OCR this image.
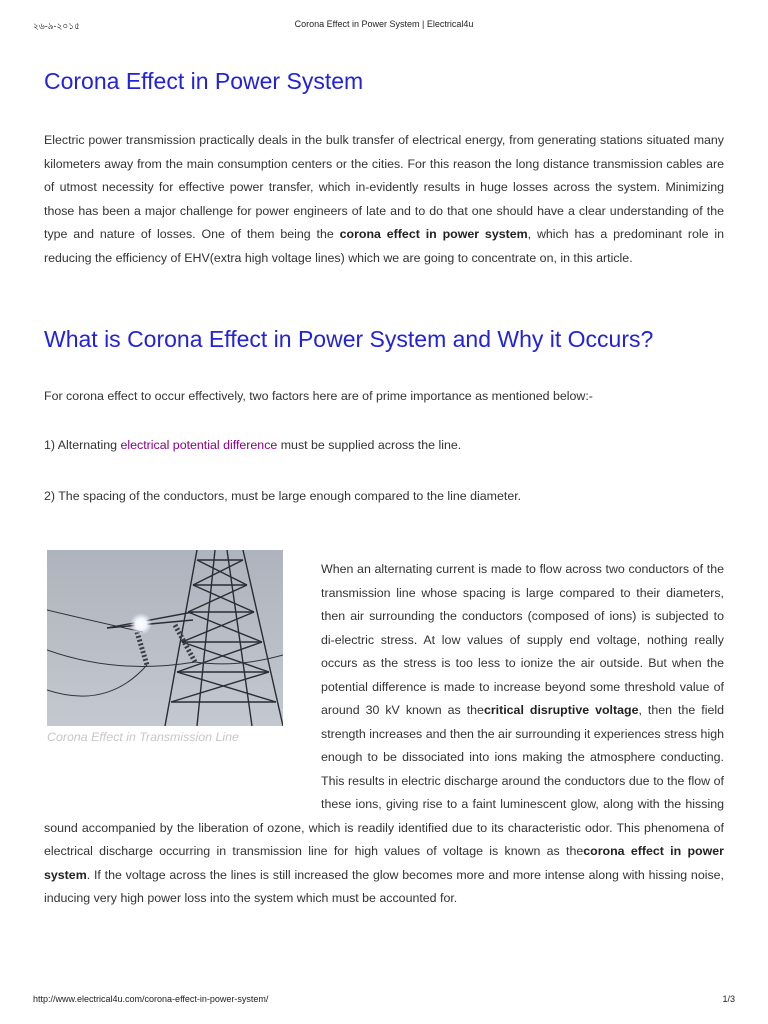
২৬-৯-২০১৫	Corona Effect in Power System | Electrical4u
Corona Effect in Power System

Electric power transmission practically deals in the bulk transfer of electrical energy, from generating stations situated many kilometers away from the main consumption centers or the cities. For this reason the long distance transmission cables are of utmost necessity for effective power transfer, which in-evidently results in huge losses across the system. Minimizing those has been a major challenge for power engineers of late and to do that one should have a clear understanding of the type and nature of losses. One of them being the corona effect in power system, which has a predominant role in reducing the efficiency of EHV(extra high voltage lines) which we are going to concentrate on, in this article.

What is Corona Effect in Power System and Why it Occurs?

For corona effect to occur effectively, two factors here are of prime importance as mentioned below:-

1) Alternating electrical potential difference must be supplied across the line.

2) The spacing of the conductors, must be large enough compared to the line diameter.

When an alternating current is made to flow across two conductors of the transmission line whose spacing is large compared to their diameters, then air surrounding the conductors (composed of ions) is subjected to di-electric stress. At low values of supply end voltage, nothing really occurs as the stress is too less to ionize the air outside. But when the potential difference is made to increase beyond some threshold value of around 30 kV known as thecritical disruptive voltage, then the field strength increases and then the air surrounding it experiences stress high enough to be dissociated into ions making the atmosphere conducting. This results in electric discharge around the conductors due to the flow of these ions, giving rise to a faint luminescent glow, along with the hissing sound accompanied by the liberation of ozone, which is readily identified due to its characteristic odor. This phenomena of electrical discharge occurring in transmission line for high values of voltage is known as thecorona effect in power system. If the voltage across the lines is still increased the glow becomes more and more intense along with hissing noise, inducing very high power loss into the system which must be accounted for.

Corona Effect in Transmission Line
http://www.electrical4u.com/corona-effect-in-power-system/	1/3
